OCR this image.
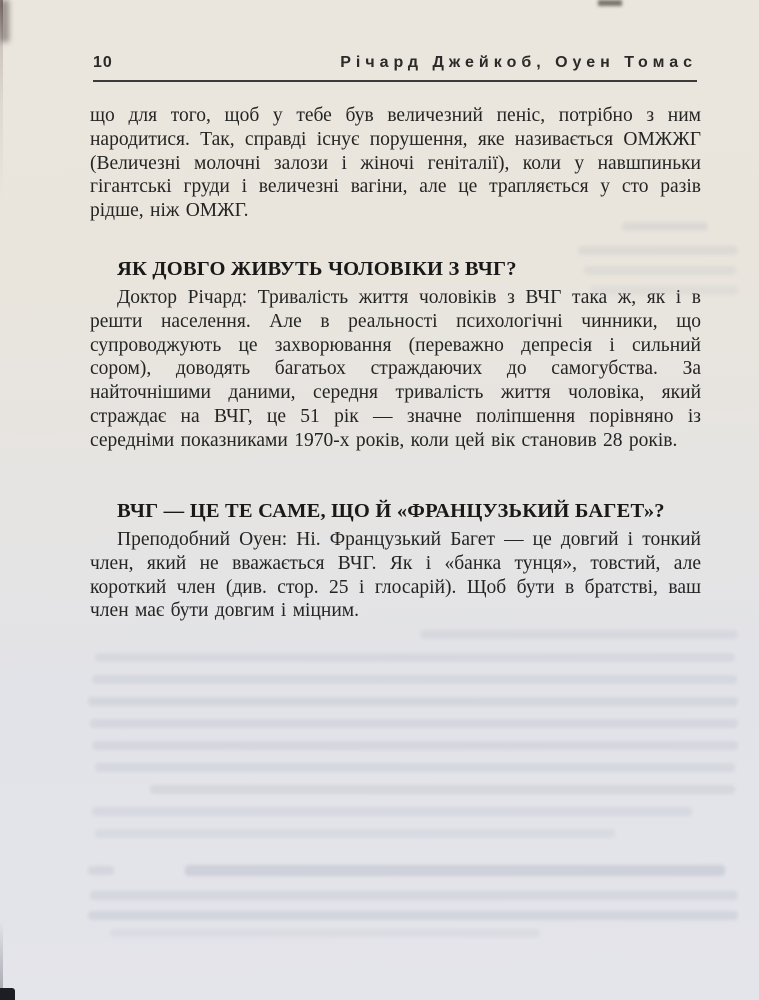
10	Річард Джейкоб, Оуен Томас

що для того, щоб у тебе був величезний пеніс, потрібно з ним народитися. Так, справді існує порушення, яке називається ОМЖЖГ (Величезні молочні залози і жіночі геніталії), коли у навшпиньки гігантські груди і величезні вагіни, але це трапляється у сто разів рідше, ніж ОМЖГ.

ЯК ДОВГО ЖИВУТЬ ЧОЛОВІКИ З ВЧГ?

Доктор Річард: Тривалість життя чоловіків з ВЧГ така ж, як і в решти населення. Але в реальності психологічні чинники, що супроводжують це захворювання (переважно депресія і сильний сором), доводять багатьох страждаючих до самогубства. За найточнішими даними, середня тривалість життя чоловіка, який страждає на ВЧГ, це 51 рік — значне поліпшення порівняно із середніми показниками 1970-х років, коли цей вік становив 28 років.

ВЧГ — ЦЕ ТЕ САМЕ, ЩО Й «ФРАНЦУЗЬКИЙ БАГЕТ»?

Преподобний Оуен: Ні. Французький Багет — це довгий і тонкий член, який не вважається ВЧГ. Як і «банка тунця», товстий, але короткий член (див. стор. 25 і глосарій). Щоб бути в братстві, ваш член має бути довгим і міцним.
